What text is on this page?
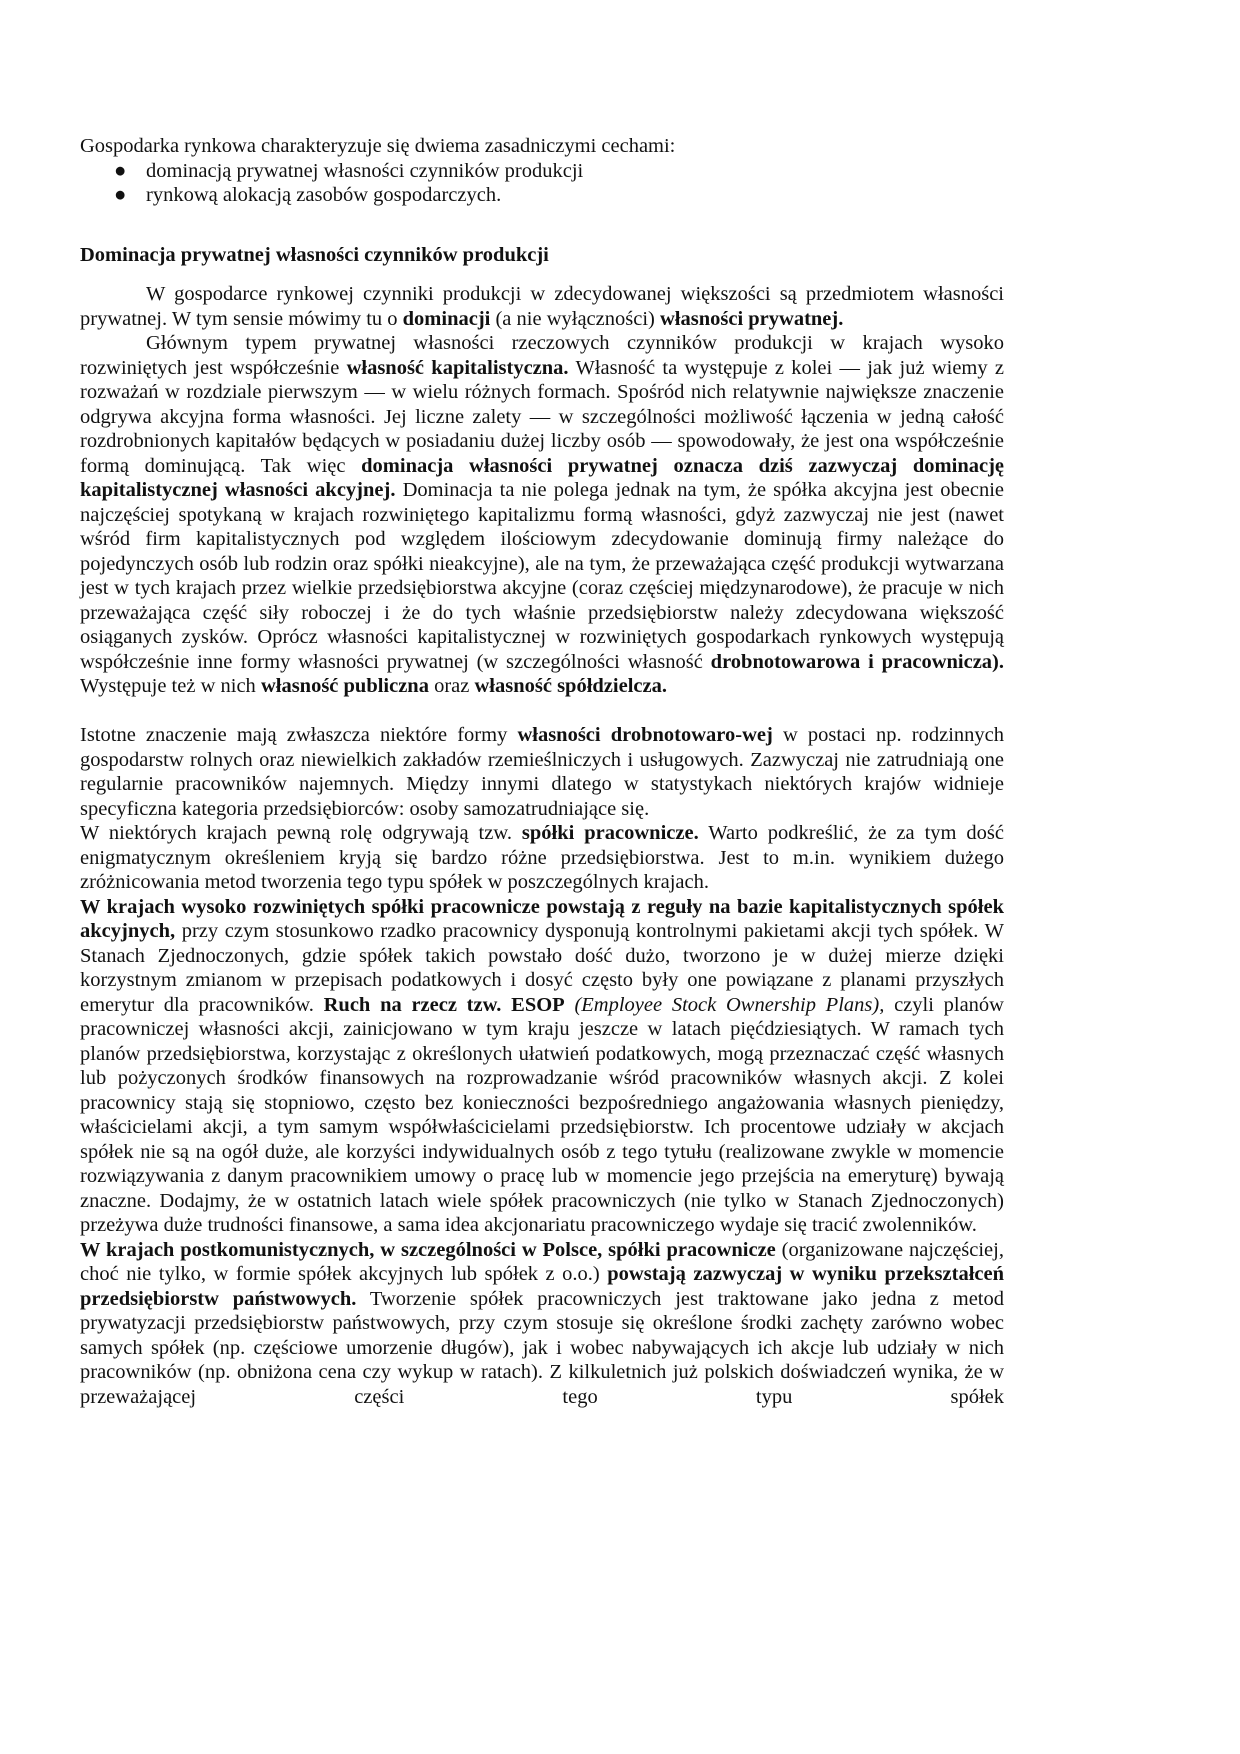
Gospodarka rynkowa charakteryzuje się dwiema zasadniczymi cechami:

● dominacją prywatnej własności czynników produkcji
● rynkową alokacją zasobów gospodarczych.
Dominacja prywatnej własności czynników produkcji

W gospodarce rynkowej czynniki produkcji w zdecydowanej większości są przedmiotem własności prywatnej. W tym sensie mówimy tu o dominacji (a nie wyłączności) własności prywatnej.

Głównym typem prywatnej własności rzeczowych czynników produkcji w krajach wysoko rozwiniętych jest współcześnie własność kapitalistyczna. Własność ta występuje z kolei — jak już wiemy z rozważań w rozdziale pierwszym — w wielu różnych formach. Spośród nich relatywnie największe znaczenie odgrywa akcyjna forma własności. Jej liczne zalety — w szczególności możliwość łączenia w jedną całość rozdrobnionych kapitałów będących w posiadaniu dużej liczby osób — spowodowały, że jest ona współcześnie formą dominującą. Tak więc dominacja własności prywatnej oznacza dziś zazwyczaj dominację kapitalistycznej własności akcyjnej. Dominacja ta nie polega jednak na tym, że spółka akcyjna jest obecnie najczęściej spotykaną w krajach rozwiniętego kapitalizmu formą własności, gdyż zazwyczaj nie jest (nawet wśród firm kapitalistycznych pod względem ilościowym zdecydowanie dominują firmy należące do pojedynczych osób lub rodzin oraz spółki nieakcyjne), ale na tym, że przeważająca część produkcji wytwarzana jest w tych krajach przez wielkie przedsiębiorstwa akcyjne (coraz częściej międzynarodowe), że pracuje w nich przeważająca część siły roboczej i że do tych właśnie przedsiębiorstw należy zdecydowana większość osiąganych zysków. Oprócz własności kapitalistycznej w rozwiniętych gospodarkach rynkowych występują współcześnie inne formy własności prywatnej (w szczególności własność drobnotowarowa i pracownicza). Występuje też w nich własność publiczna oraz własność spółdzielcza.

Istotne znaczenie mają zwłaszcza niektóre formy własności drobnotowaro-wej w postaci np. rodzinnych gospodarstw rolnych oraz niewielkich zakładów rzemieślniczych i usługowych. Zazwyczaj nie zatrudniają one regularnie pracowników najemnych. Między innymi dlatego w statystykach niektórych krajów widnieje specyficzna kategoria przedsiębiorców: osoby samozatrudniające się.

W niektórych krajach pewną rolę odgrywają tzw. spółki pracownicze. Warto podkreślić, że za tym dość enigmatycznym określeniem kryją się bardzo różne przedsiębiorstwa. Jest to m.in. wynikiem dużego zróżnicowania metod tworzenia tego typu spółek w poszczególnych krajach.

W krajach wysoko rozwiniętych spółki pracownicze powstają z reguły na bazie kapitalistycznych spółek akcyjnych, przy czym stosunkowo rzadko pracownicy dysponują kontrolnymi pakietami akcji tych spółek. W Stanach Zjednoczonych, gdzie spółek takich powstało dość dużo, tworzono je w dużej mierze dzięki korzystnym zmianom w przepisach podatkowych i dosyć często były one powiązane z planami przyszłych emerytur dla pracowników. Ruch na rzecz tzw. ESOP (Employee Stock Ownership Plans), czyli planów pracowniczej własności akcji, zainicjowano w tym kraju jeszcze w latach pięćdziesiątych. W ramach tych planów przedsiębiorstwa, korzystając z określonych ułatwień podatkowych, mogą przeznaczać część własnych lub pożyczonych środków finansowych na rozprowadzanie wśród pracowników własnych akcji. Z kolei pracownicy stają się stopniowo, często bez konieczności bezpośredniego angażowania własnych pieniędzy, właścicielami akcji, a tym samym współwłaścicielami przedsiębiorstw. Ich procentowe udziały w akcjach spółek nie są na ogół duże, ale korzyści indywidualnych osób z tego tytułu (realizowane zwykle w momencie rozwiązywania z danym pracownikiem umowy o pracę lub w momencie jego przejścia na emeryturę) bywają znaczne. Dodajmy, że w ostatnich latach wiele spółek pracowniczych (nie tylko w Stanach Zjednoczonych) przeżywa duże trudności finansowe, a sama idea akcjonariatu pracowniczego wydaje się tracić zwolenników.

W krajach postkomunistycznych, w szczególności w Polsce, spółki pracownicze (organizowane najczęściej, choć nie tylko, w formie spółek akcyjnych lub spółek z o.o.) powstają zazwyczaj w wyniku przekształceń przedsiębiorstw państwowych. Tworzenie spółek pracowniczych jest traktowane jako jedna z metod prywatyzacji przedsiębiorstw państwowych, przy czym stosuje się określone środki zachęty zarówno wobec samych spółek (np. częściowe umorzenie długów), jak i wobec nabywających ich akcje lub udziały w nich pracowników (np. obniżona cena czy wykup w ratach). Z kilkuletnich już polskich doświadczeń wynika, że w przeważającej części tego typu spółek
